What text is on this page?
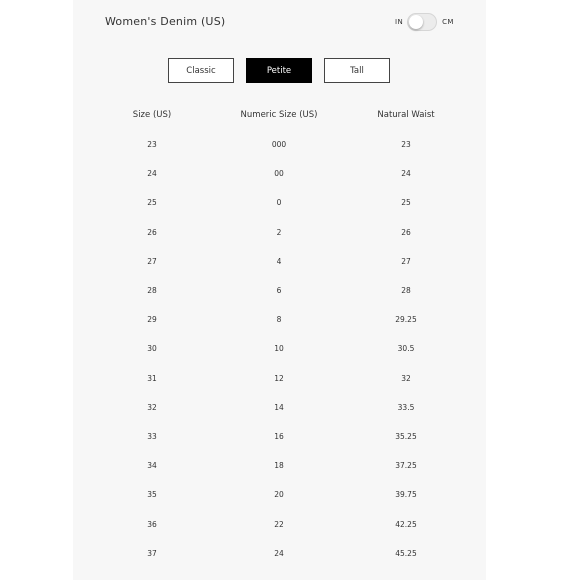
Women's Denim (US)	IN	CM
Classic	Petite	Tall
Size (US)	Numeric Size (US)	Natural Waist
23	000	23
24	00	24
25	0	25
26	2	26
27	4	27
28	6	28
29	8	29.25
30	10	30.5
31	12	32
32	14	33.5
33	16	35.25
34	18	37.25
35	20	39.75
36	22	42.25
37	24	45.25
